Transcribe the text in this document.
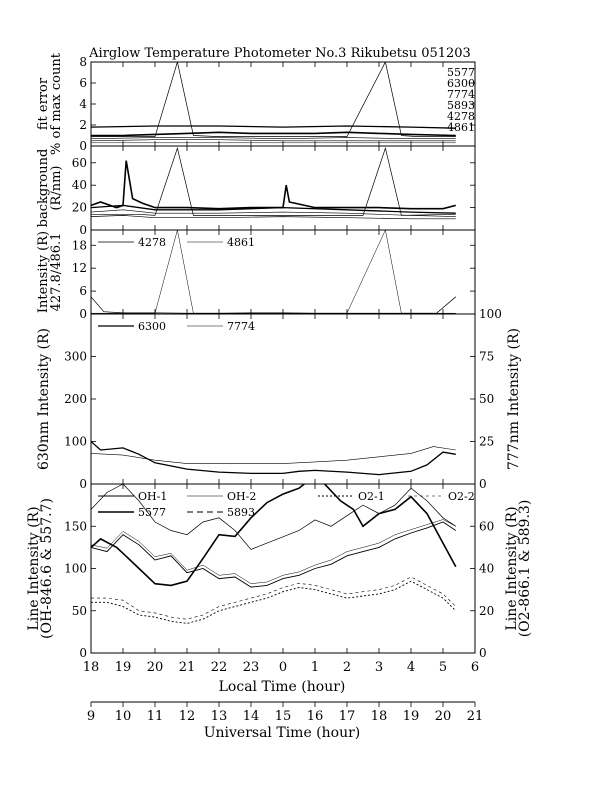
Airglow Temperature Photometer No.3 Rikubetsu 051203
0
2
4
6
8
fit error
% of max count
0
20
40
60
background
(R/nm)
0
6
12
18
Intensity (R)
427.8/486.1
0
100
200
300
0
25
50
75
100
630nm Intensity (R)	777nm Intensity (R)
0
50
100
150
0
20
40
60
Line Intensity (R)
(OH-846.6 & 557.7)	Line Intensity (R)
(O2-866.1 & 589.3)
5577
6300
7774
5893
4278
4861
4278	4861
6300	7774
OH-1	OH-2	O2-1	O2-2
5577	5893
18 19 20 21 22 23 0 1 2 3 4 5 6
Local Time (hour)
9 10 11 12 13 14 15 16 17 18 19 20 21
Universal Time (hour)
